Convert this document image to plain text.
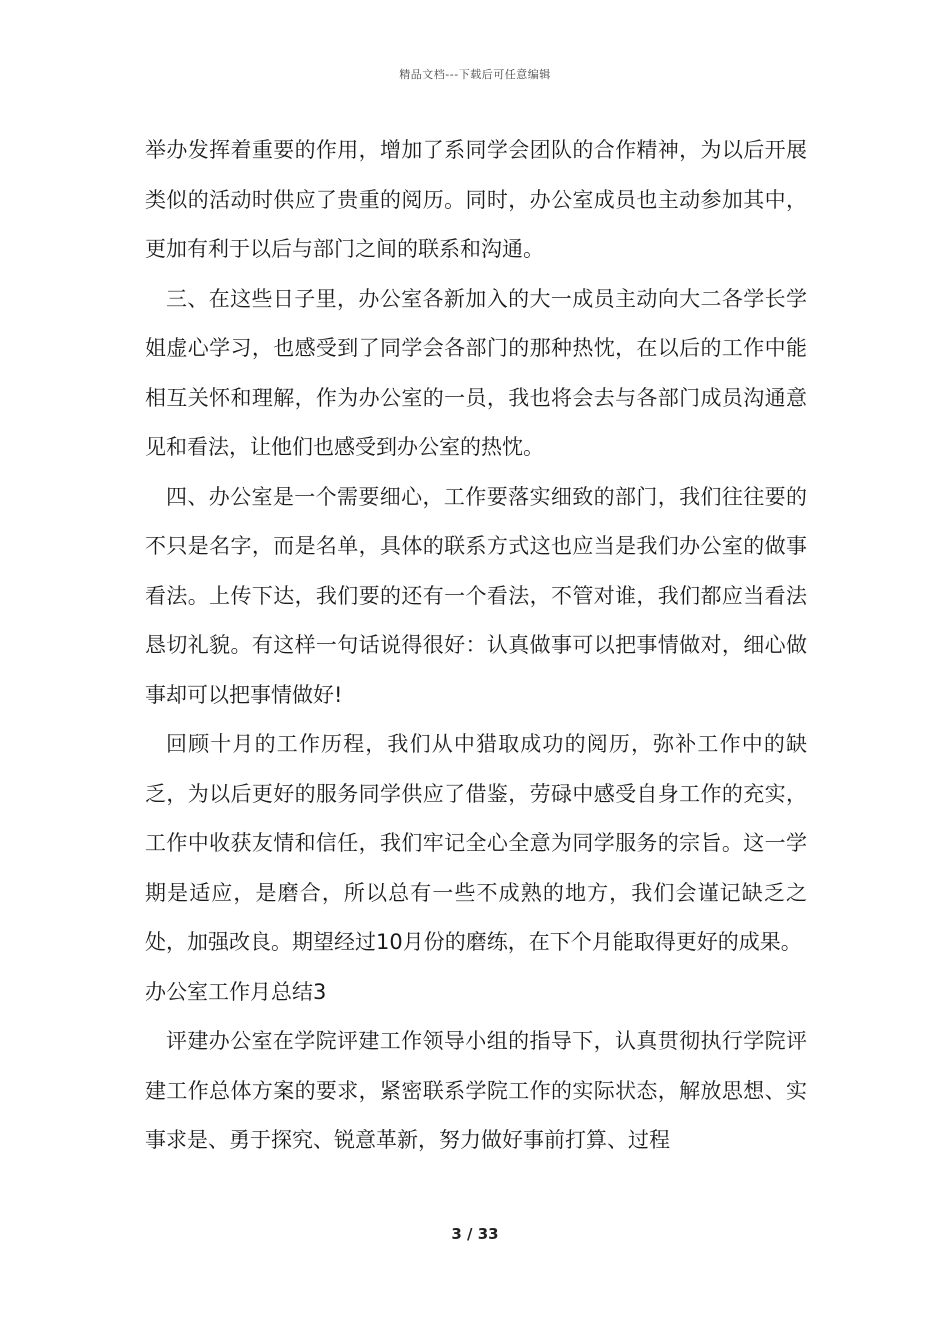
精品文档---下载后可任意编辑

举办发挥着重要的作用，增加了系同学会团队的合作精神，为以后开展类似的活动时供应了贵重的阅历。同时，办公室成员也主动参加其中，更加有利于以后与部门之间的联系和沟通。

三、在这些日子里，办公室各新加入的大一成员主动向大二各学长学姐虚心学习，也感受到了同学会各部门的那种热忱，在以后的工作中能相互关怀和理解，作为办公室的一员，我也将会去与各部门成员沟通意见和看法，让他们也感受到办公室的热忱。

四、办公室是一个需要细心，工作要落实细致的部门，我们往往要的不只是名字，而是名单，具体的联系方式这也应当是我们办公室的做事看法。上传下达，我们要的还有一个看法，不管对谁，我们都应当看法恳切礼貌。有这样一句话说得很好：认真做事可以把事情做对，细心做事却可以把事情做好!

回顾十月的工作历程，我们从中猎取成功的阅历，弥补工作中的缺乏，为以后更好的服务同学供应了借鉴，劳碌中感受自身工作的充实，工作中收获友情和信任，我们牢记全心全意为同学服务的宗旨。这一学期是适应，是磨合，所以总有一些不成熟的地方，我们会谨记缺乏之处，加强改良。期望经过10月份的磨练，在下个月能取得更好的成果。

办公室工作月总结3

评建办公室在学院评建工作领导小组的指导下，认真贯彻执行学院评建工作总体方案的要求，紧密联系学院工作的实际状态，解放思想、实事求是、勇于探究、锐意革新，努力做好事前打算、过程

3 / 33
